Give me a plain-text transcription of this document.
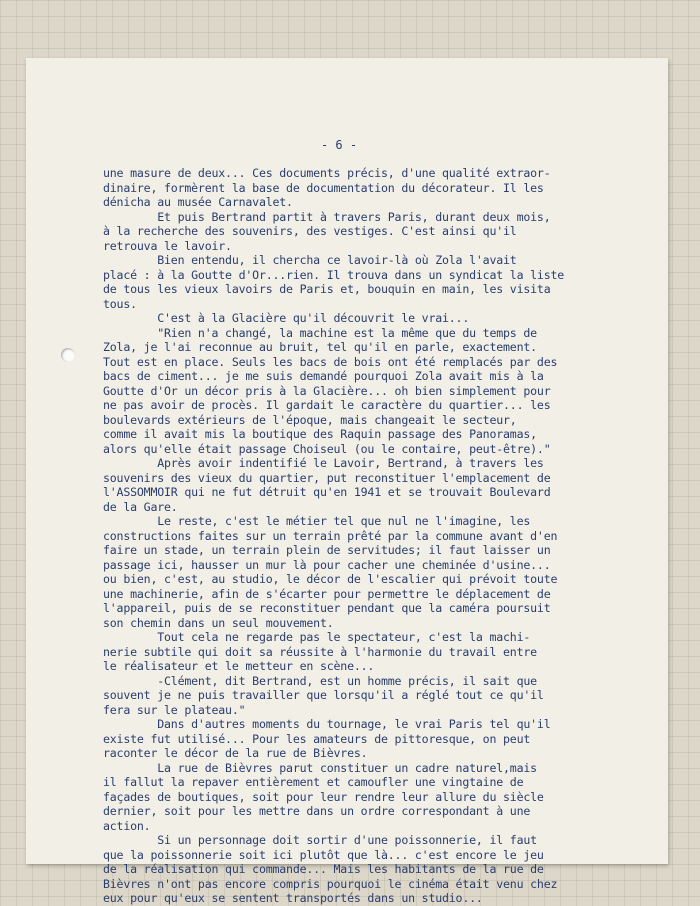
- 6 -
une masure de deux... Ces documents précis, d'une qualité extraor-
dinaire, formèrent la base de documentation du décorateur. Il les
dénicha au musée Carnavalet.
Et puis Bertrand partit à travers Paris, durant deux mois,
à la recherche des souvenirs, des vestiges. C'est ainsi qu'il
retrouva le lavoir.
Bien entendu, il chercha ce lavoir-là où Zola l'avait
placé : à la Goutte d'Or...rien. Il trouva dans un syndicat la liste
de tous les vieux lavoirs de Paris et, bouquin en main, les visita
tous.
C'est à la Glacière qu'il découvrit le vrai...
"Rien n'a changé, la machine est la même que du temps de
Zola, je l'ai reconnue au bruit, tel qu'il en parle, exactement.
Tout est en place. Seuls les bacs de bois ont été remplacés par des
bacs de ciment... je me suis demandé pourquoi Zola avait mis à la
Goutte d'Or un décor pris à la Glacière... oh bien simplement pour
ne pas avoir de procès. Il gardait le caractère du quartier... les
boulevards extérieurs de l'époque, mais changeait le secteur,
comme il avait mis la boutique des Raquin passage des Panoramas,
alors qu'elle était passage Choiseul (ou le contaire, peut-être)."
Après avoir indentifié le Lavoir, Bertrand, à travers les
souvenirs des vieux du quartier, put reconstituer l'emplacement de
l'ASSOMMOIR qui ne fut détruit qu'en 1941 et se trouvait Boulevard
de la Gare.
Le reste, c'est le métier tel que nul ne l'imagine, les
constructions faites sur un terrain prêté par la commune avant d'en
faire un stade, un terrain plein de servitudes; il faut laisser un
passage ici, hausser un mur là pour cacher une cheminée d'usine...
ou bien, c'est, au studio, le décor de l'escalier qui prévoit toute
une machinerie, afin de s'écarter pour permettre le déplacement de
l'appareil, puis de se reconstituer pendant que la caméra poursuit
son chemin dans un seul mouvement.
Tout cela ne regarde pas le spectateur, c'est la machi-
nerie subtile qui doit sa réussite à l'harmonie du travail entre
le réalisateur et le metteur en scène...
-Clément, dit Bertrand, est un homme précis, il sait que
souvent je ne puis travailler que lorsqu'il a réglé tout ce qu'il
fera sur le plateau."
Dans d'autres moments du tournage, le vrai Paris tel qu'il
existe fut utilisé... Pour les amateurs de pittoresque, on peut
raconter le décor de la rue de Bièvres.
La rue de Bièvres parut constituer un cadre naturel,mais
il fallut la repaver entièrement et camoufler une vingtaine de
façades de boutiques, soit pour leur rendre leur allure du siècle
dernier, soit pour les mettre dans un ordre correspondant à une
action.
Si un personnage doit sortir d'une poissonnerie, il faut
que la poissonnerie soit ici plutôt que là... c'est encore le jeu
de la réalisation qui commande... Mais les habitants de la rue de
Bièvres n'ont pas encore compris pourquoi le cinéma était venu chez
eux pour qu'eux se sentent transportés dans un studio...
